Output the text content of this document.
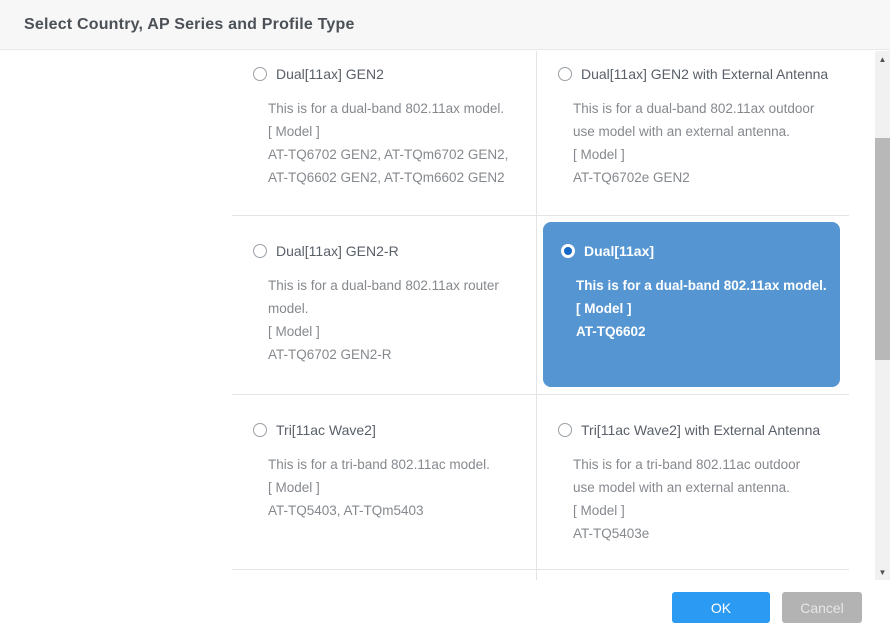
Select Country, AP Series and Profile Type
Dual[11ax] GEN2
This is for a dual-band 802.11ax model.
[ Model ]
AT-TQ6702 GEN2, AT-TQm6702 GEN2,
AT-TQ6602 GEN2, AT-TQm6602 GEN2
Dual[11ax] GEN2 with External Antenna
This is for a dual-band 802.11ax outdoor
use model with an external antenna.
[ Model ]
AT-TQ6702e GEN2
Dual[11ax] GEN2-R
This is for a dual-band 802.11ax router
model.
[ Model ]
AT-TQ6702 GEN2-R
Dual[11ax]
This is for a dual-band 802.11ax model.
[ Model ]
AT-TQ6602
Tri[11ac Wave2]
This is for a tri-band 802.11ac model.
[ Model ]
AT-TQ5403, AT-TQm5403
Tri[11ac Wave2] with External Antenna
This is for a tri-band 802.11ac outdoor
use model with an external antenna.
[ Model ]
AT-TQ5403e
▲
▼
OK	Cancel
